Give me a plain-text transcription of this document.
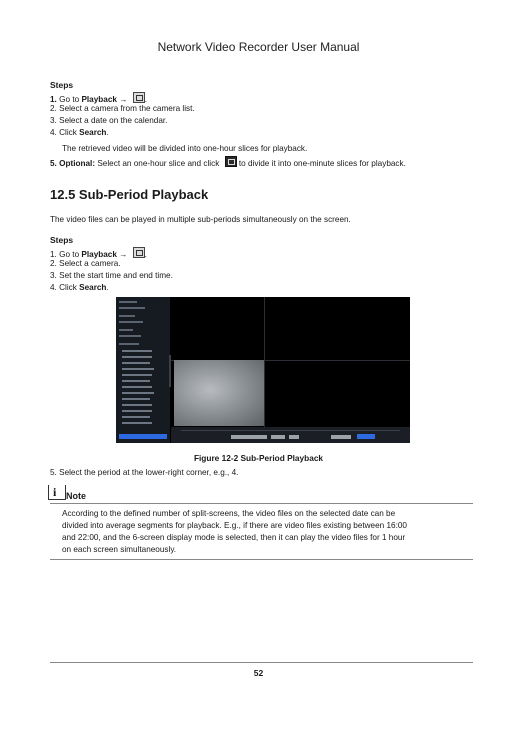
Network Video Recorder User Manual
Steps
1. Go to Playback → .
2. Select a camera from the camera list.
3. Select a date on the calendar.
4. Click Search.
The retrieved video will be divided into one-hour slices for playback.
5. Optional: Select an one-hour slice and click
to divide it into one-minute slices for playback.
12.5 Sub-Period Playback
The video files can be played in multiple sub-periods simultaneously on the screen.
Steps
1. Go to Playback → .
2. Select a camera.
3. Set the start time and end time.
4. Click Search.
Figure 12-2 Sub-Period Playback
5. Select the period at the lower-right corner, e.g., 4.
i Note
According to the defined number of split-screens, the video files on the selected date can be
divided into average segments for playback. E.g., if there are video files existing between 16:00
and 22:00, and the 6-screen display mode is selected, then it can play the video files for 1 hour
on each screen simultaneously.
52
